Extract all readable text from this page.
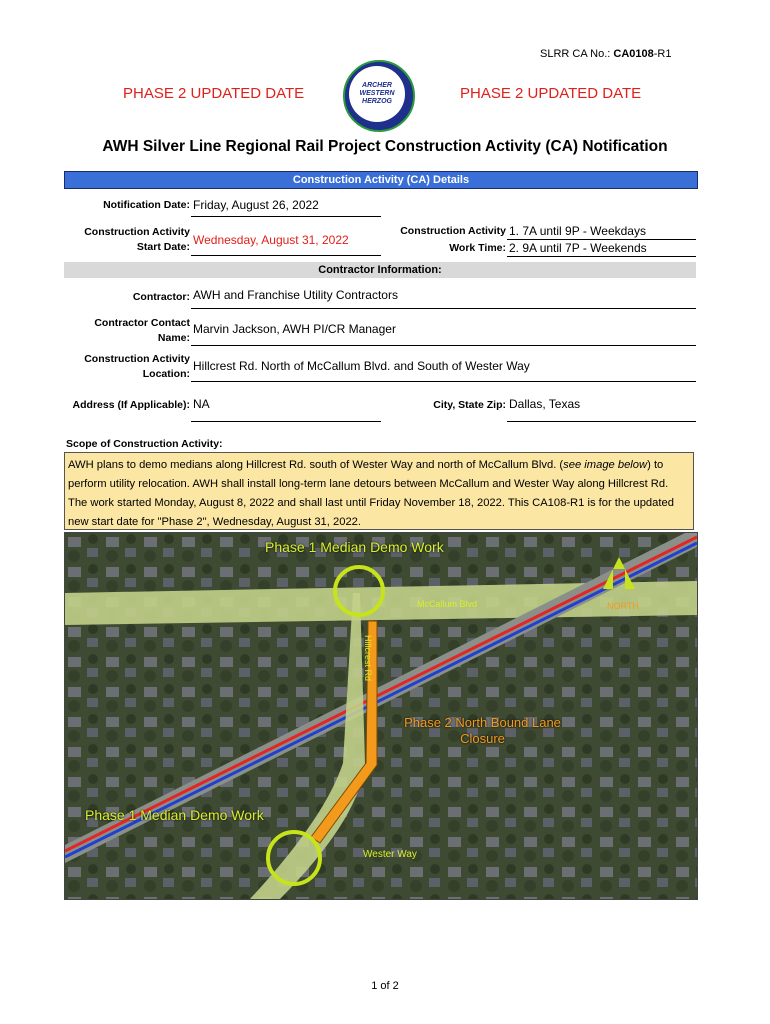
SLRR CA No.: CA0108-R1
PHASE 2 UPDATED DATE	PHASE 2 UPDATED DATE
ARCHER
WESTERN
HERZOG
AWH Silver Line Regional Rail Project Construction Activity (CA) Notification
Construction Activity (CA) Details
Notification Date: Friday, August 26, 2022
Construction Activity
Start Date: Wednesday, August 31, 2022
Construction Activity
Work Time:
1. 7A until 9P - Weekdays
2. 9A until 7P - Weekends
Contractor Information:
Contractor: AWH and Franchise Utility Contractors
Contractor Contact
Name:
Marvin Jackson, AWH PI/CR Manager
Construction Activity
Location:
Hillcrest Rd. North of McCallum Blvd. and South of Wester Way
Address (If Applicable): NA	City, State Zip: Dallas, Texas
Scope of Construction Activity:
AWH plans to demo medians along Hillcrest Rd. south of Wester Way and north of McCallum Blvd. (see image below) to perform utility relocation. AWH shall install long-term lane detours between McCallum and Wester Way along Hillcrest Rd. The work started Monday, August 8, 2022 and shall last until Friday November 18, 2022. This CA108-R1 is for the updated new start date for "Phase 2", Wednesday, August 31, 2022.
Phase 1 Median Demo Work
McCallum Blvd
Hillcrest Rd
Phase 2 North Bound Lane
Closure
Phase 1 Median Demo Work
Wester Way
NORTH
1 of 2
